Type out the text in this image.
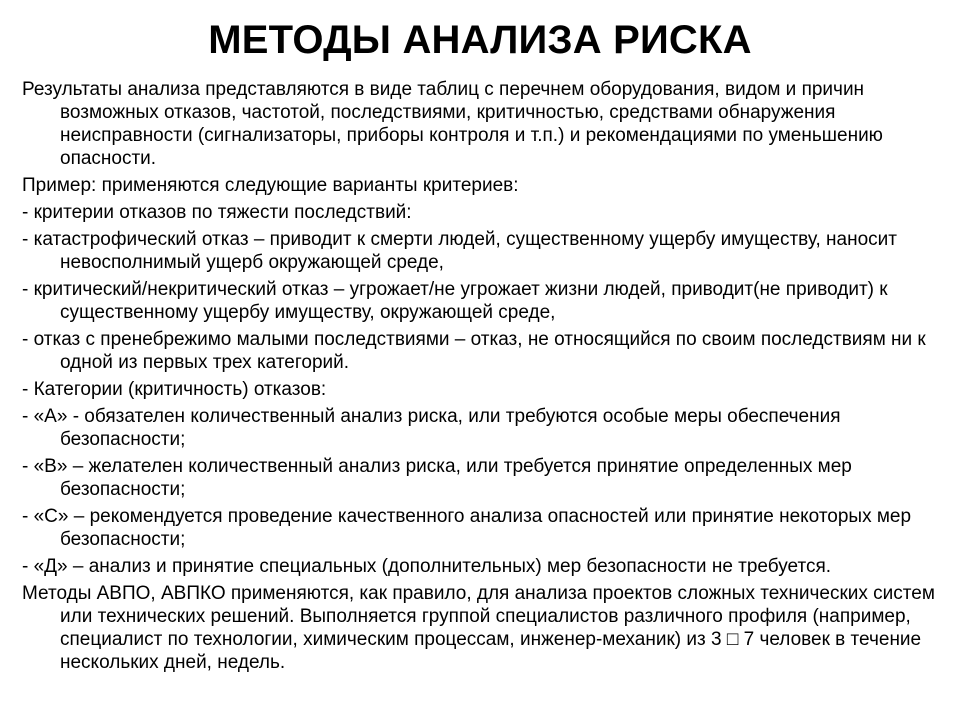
МЕТОДЫ АНАЛИЗА РИСКА

Результаты анализа представляются в виде таблиц с перечнем оборудования, видом и причин возможных отказов, частотой, последствиями, критичностью, средствами обнаружения неисправности (сигнализаторы, приборы контроля и т.п.) и рекомендациями по уменьшению опасности.

Пример: применяются следующие варианты критериев:

- критерии отказов по тяжести последствий:

- катастрофический отказ – приводит к смерти людей, существенному ущербу имуществу, наносит невосполнимый ущерб окружающей среде,

- критический/некритический отказ – угрожает/не угрожает жизни людей, приводит(не приводит) к существенному ущербу имуществу, окружающей среде,

- отказ с пренебрежимо малыми последствиями – отказ, не относящийся по своим последствиям ни к одной из первых трех категорий.

- Категории (критичность) отказов:

- «А» - обязателен количественный анализ риска, или требуются особые меры обеспечения безопасности;

- «В» – желателен количественный анализ риска, или требуется принятие определенных мер безопасности;

- «С» – рекомендуется проведение качественного анализа опасностей или принятие некоторых мер безопасности;

- «Д» – анализ и принятие специальных (дополнительных) мер безопасности не требуется.

Методы АВПО, АВПКО применяются, как правило, для анализа проектов сложных технических систем или технических решений. Выполняется группой специалистов различного профиля (например, специалист по технологии, химическим процессам, инженер-механик) из 3 □ 7 человек в течение нескольких дней, недель.
